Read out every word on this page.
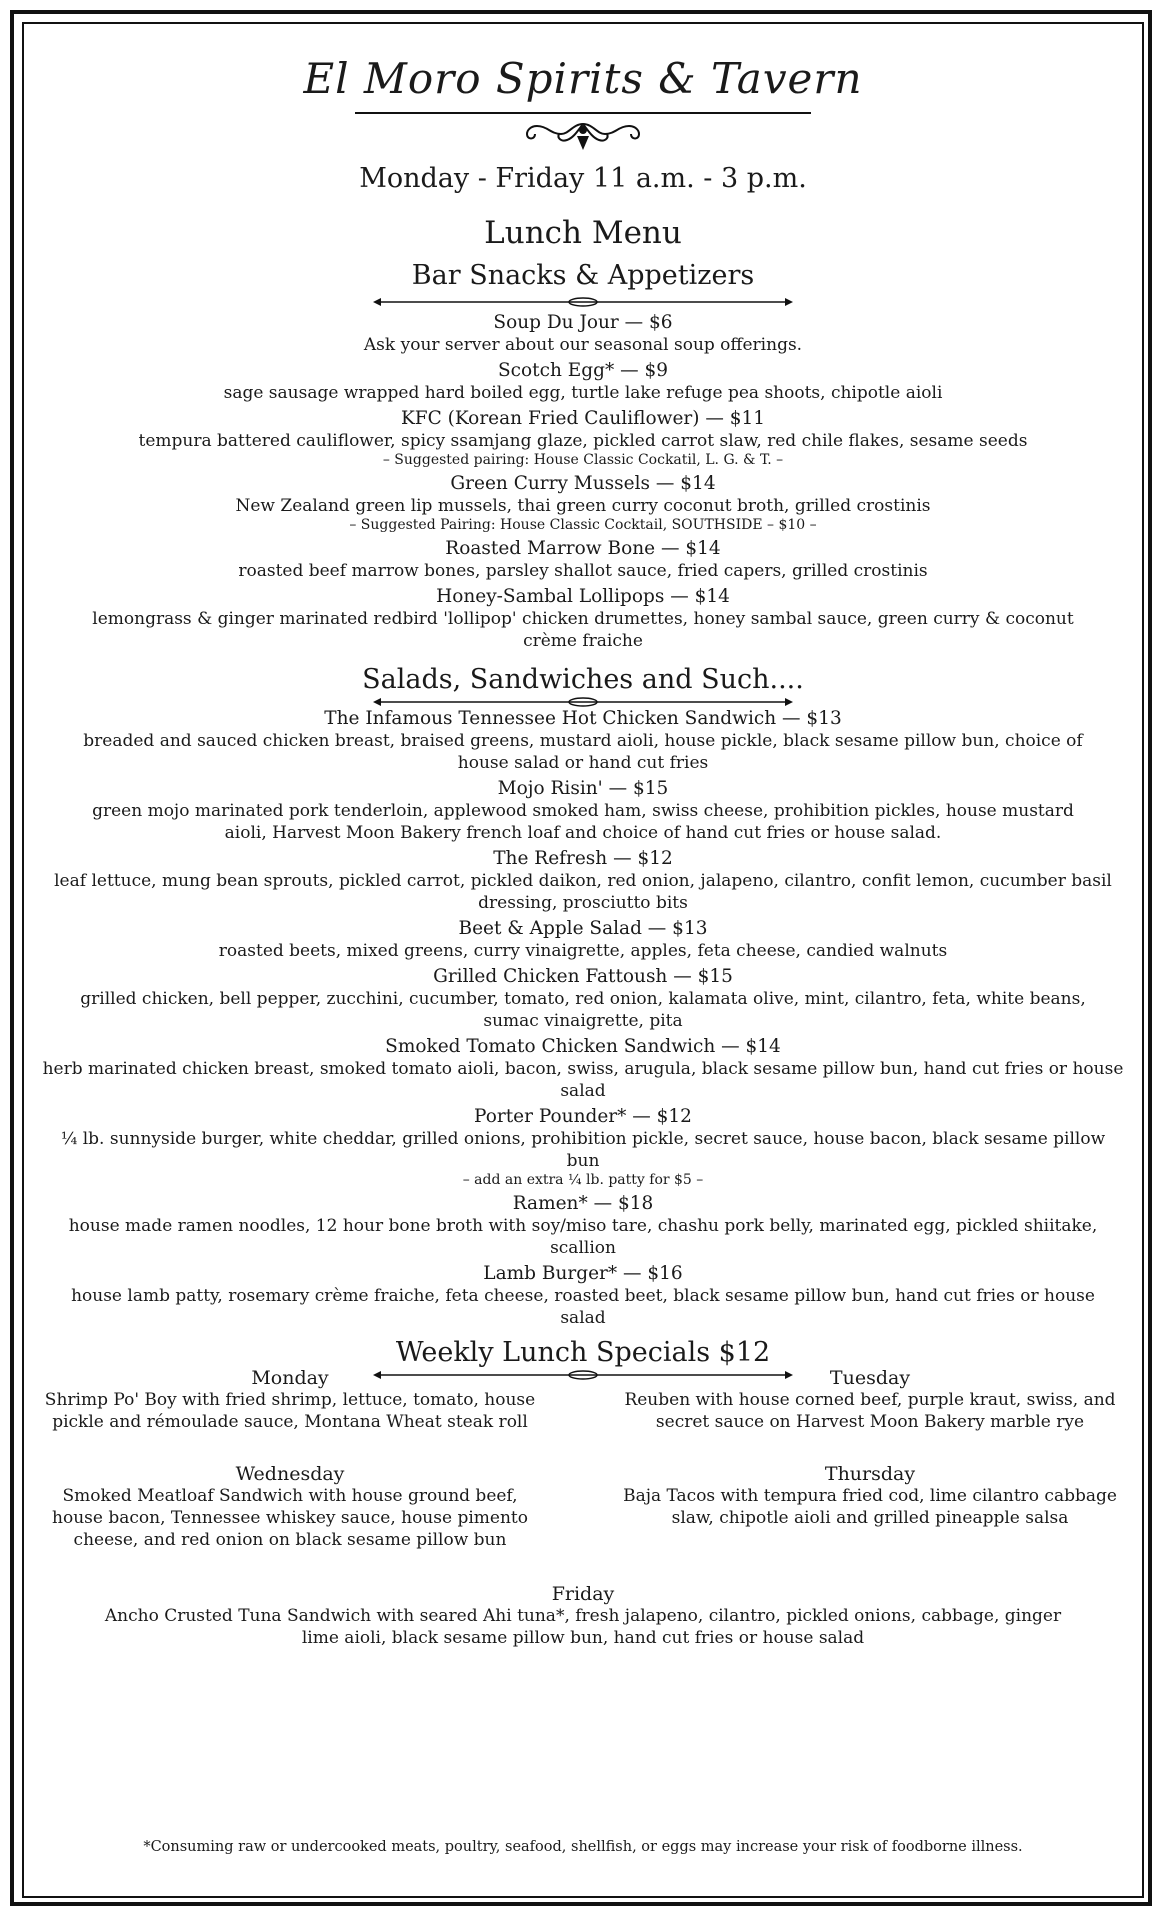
El Moro Spirits & Tavern
Monday - Friday 11 a.m. - 3 p.m.
Lunch Menu
Bar Snacks & Appetizers
Soup Du Jour — $6
Ask your server about our seasonal soup offerings.
Scotch Egg* — $9
sage sausage wrapped hard boiled egg, turtle lake refuge pea shoots, chipotle aioli
KFC (Korean Fried Cauliflower) — $11
tempura battered cauliflower, spicy ssamjang glaze, pickled carrot slaw, red chile flakes, sesame seeds
– Suggested pairing: House Classic Cockatil, L. G. & T. –
Green Curry Mussels — $14
New Zealand green lip mussels, thai green curry coconut broth, grilled crostinis
– Suggested Pairing: House Classic Cocktail, SOUTHSIDE – $10 –
Roasted Marrow Bone — $14
roasted beef marrow bones, parsley shallot sauce, fried capers, grilled crostinis
Honey-Sambal Lollipops — $14
lemongrass & ginger marinated redbird 'lollipop' chicken drumettes, honey sambal sauce, green curry & coconut crème fraiche
Salads, Sandwiches and Such....
The Infamous Tennessee Hot Chicken Sandwich — $13
breaded and sauced chicken breast, braised greens, mustard aioli, house pickle, black sesame pillow bun, choice of house salad or hand cut fries
Mojo Risin' — $15
green mojo marinated pork tenderloin, applewood smoked ham, swiss cheese, prohibition pickles, house mustard aioli, Harvest Moon Bakery french loaf and choice of hand cut fries or house salad.
The Refresh — $12
leaf lettuce, mung bean sprouts, pickled carrot, pickled daikon, red onion, jalapeno, cilantro, confit lemon, cucumber basil dressing, prosciutto bits
Beet & Apple Salad — $13
roasted beets, mixed greens, curry vinaigrette, apples, feta cheese, candied walnuts
Grilled Chicken Fattoush — $15
grilled chicken, bell pepper, zucchini, cucumber, tomato, red onion, kalamata olive, mint, cilantro, feta, white beans, sumac vinaigrette, pita
Smoked Tomato Chicken Sandwich — $14
herb marinated chicken breast, smoked tomato aioli, bacon, swiss, arugula, black sesame pillow bun, hand cut fries or house salad
Porter Pounder* — $12
¼ lb. sunnyside burger, white cheddar, grilled onions, prohibition pickle, secret sauce, house bacon, black sesame pillow bun
– add an extra ¼ lb. patty for $5 –
Ramen* — $18
house made ramen noodles, 12 hour bone broth with soy/miso tare, chashu pork belly, marinated egg, pickled shiitake, scallion
Lamb Burger* — $16
house lamb patty, rosemary crème fraiche, feta cheese, roasted beet, black sesame pillow bun, hand cut fries or house salad
Weekly Lunch Specials $12
Monday
Shrimp Po' Boy with fried shrimp, lettuce, tomato, house pickle and rémoulade sauce, Montana Wheat steak roll
Tuesday
Reuben with house corned beef, purple kraut, swiss, and secret sauce on Harvest Moon Bakery marble rye
Wednesday
Smoked Meatloaf Sandwich with house ground beef, house bacon, Tennessee whiskey sauce, house pimento cheese, and red onion on black sesame pillow bun
Thursday
Baja Tacos with tempura fried cod, lime cilantro cabbage slaw, chipotle aioli and grilled pineapple salsa
Friday
Ancho Crusted Tuna Sandwich with seared Ahi tuna*, fresh jalapeno, cilantro, pickled onions, cabbage, ginger lime aioli, black sesame pillow bun, hand cut fries or house salad
*Consuming raw or undercooked meats, poultry, seafood, shellfish, or eggs may increase your risk of foodborne illness.
